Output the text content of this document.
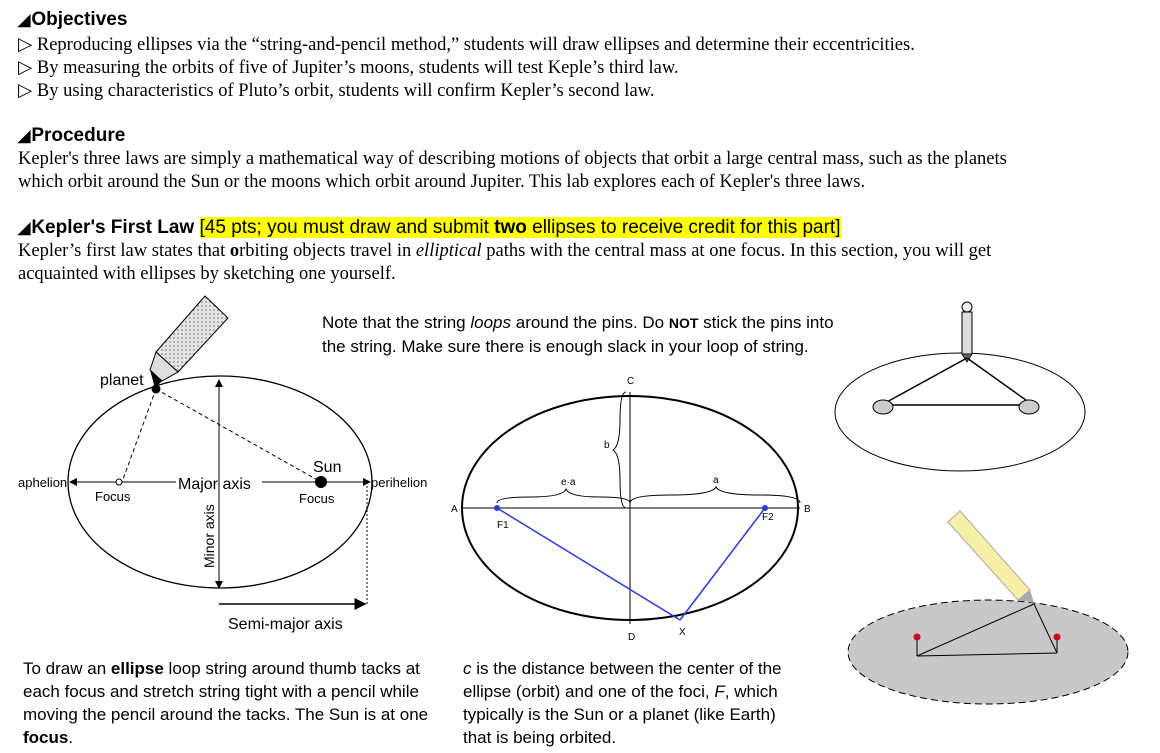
◢Objectives
▷ Reproducing ellipses via the “string-and-pencil method,” students will draw ellipses and determine their eccentricities.
▷ By measuring the orbits of five of Jupiter’s moons, students will test Keple’s third law.
▷ By using characteristics of Pluto’s orbit, students will confirm Kepler’s second law.
◢Procedure
Kepler's three laws are simply a mathematical way of describing motions of objects that orbit a large central mass, such as the planets
which orbit around the Sun or the moons which orbit around Jupiter. This lab explores each of Kepler's three laws.
◢Kepler's First Law [45 pts; you must draw and submit two ellipses to receive credit for this part]
Kepler’s first law states that orbiting objects travel in elliptical paths with the central mass at one focus. In this section, you will get
acquainted with ellipses by sketching one yourself.
Note that the string loops around the pins. Do NOT stick the pins into
the string. Make sure there is enough slack in your loop of string.
To draw an ellipse loop string around thumb tacks at
each focus and stretch string tight with a pencil while
moving the pencil around the tacks. The Sun is at one
focus.
c is the distance between the center of the
ellipse (orbit) and one of the foci, F, which
typically is the Sun or a planet (like Earth)
that is being orbited.
planet
Major axis
aphelion	perihelion
Focus
Sun
Focus
Minor axis
Semi-major axis
A	B
C
D	X
F1
F2
e·a	a
b
